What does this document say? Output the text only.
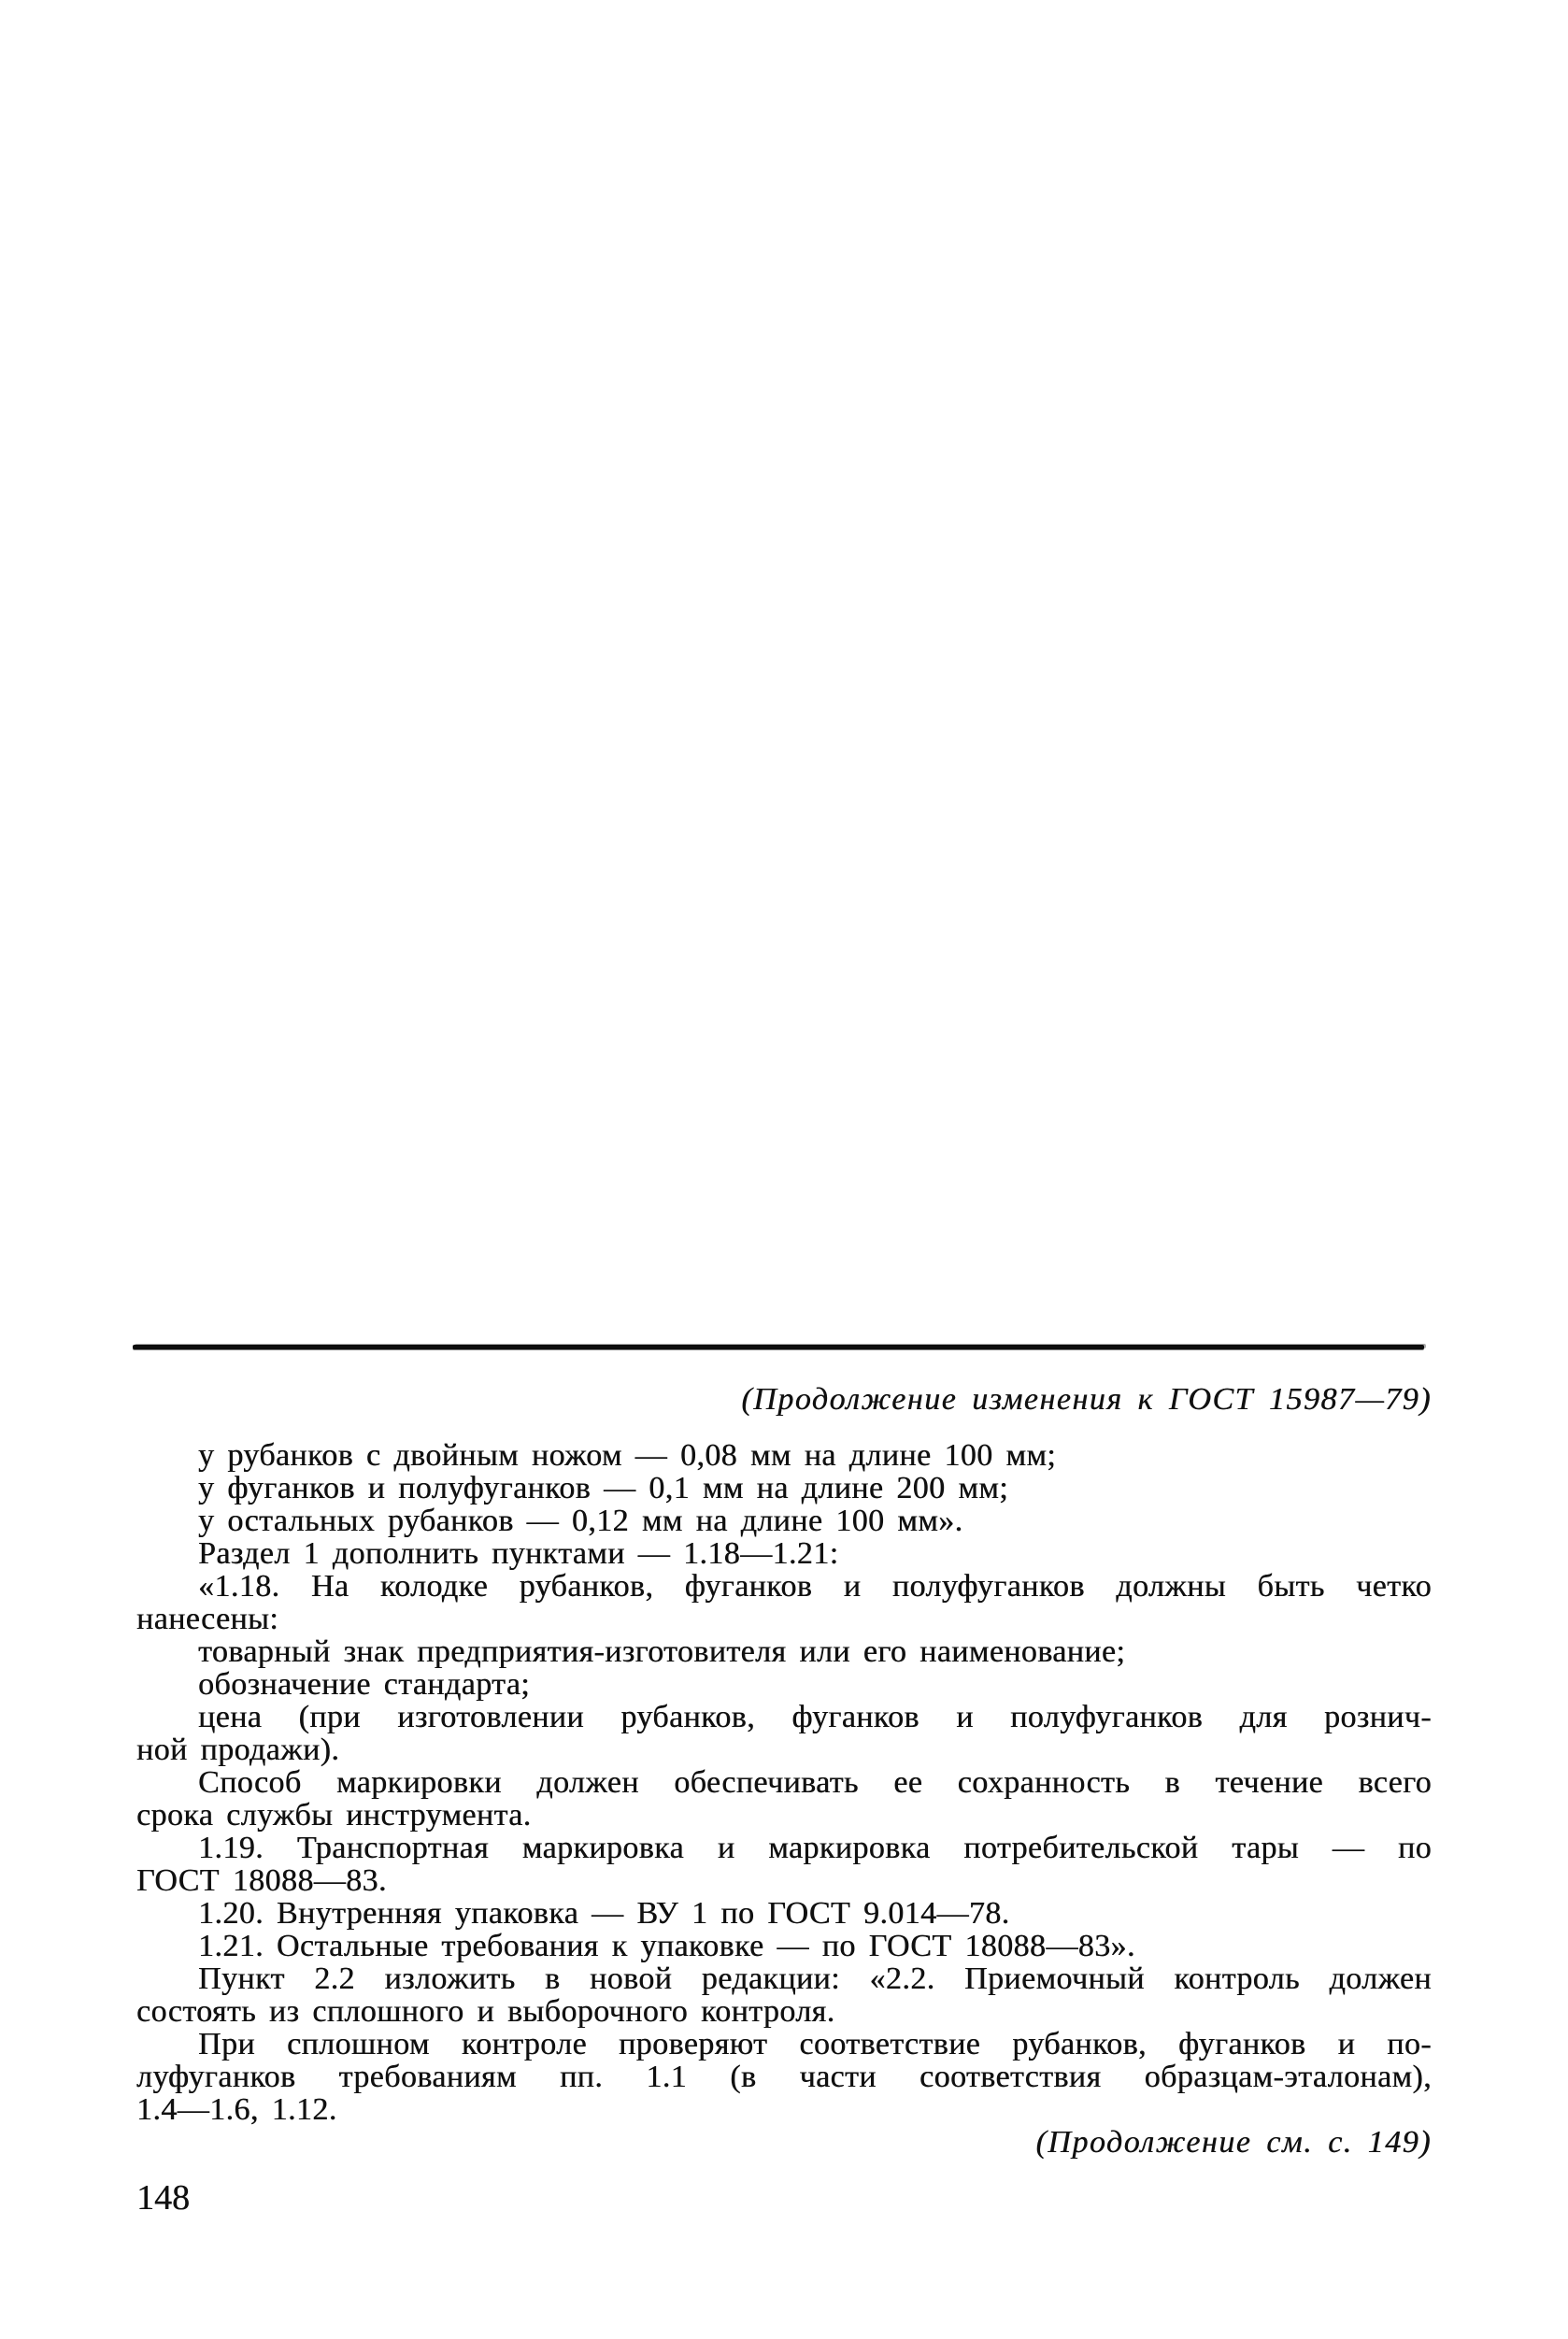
(Продолжение изменения к ГОСТ 15987—79)
у рубанков с двойным ножом — 0,08 мм на длине 100 мм;
у фуганков и полуфуганков — 0,1 мм на длине 200 мм;
у остальных рубанков — 0,12 мм на длине 100 мм».
Раздел 1 дополнить пунктами — 1.18—1.21:
«1.18. На колодке рубанков, фуганков и полуфуганков должны быть четко
нанесены:
товарный знак предприятия-изготовителя или его наименование;
обозначение стандарта;
цена (при изготовлении рубанков, фуганков и полуфуганков для рознич-
ной продажи).
Способ маркировки должен обеспечивать ее сохранность в течение всего
срока службы инструмента.
1.19. Транспортная маркировка и маркировка потребительской тары — по
ГОСТ 18088—83.
1.20. Внутренняя упаковка — ВУ 1 по ГОСТ 9.014—78.
1.21. Остальные требования к упаковке — по ГОСТ 18088—83».
Пункт 2.2 изложить в новой редакции: «2.2. Приемочный контроль должен
состоять из сплошного и выборочного контроля.
При сплошном контроле проверяют соответствие рубанков, фуганков и по-
луфуганков требованиям пп. 1.1 (в части соответствия образцам-эталонам),
1.4—1.6, 1.12.
(Продолжение см. с. 149)
148
